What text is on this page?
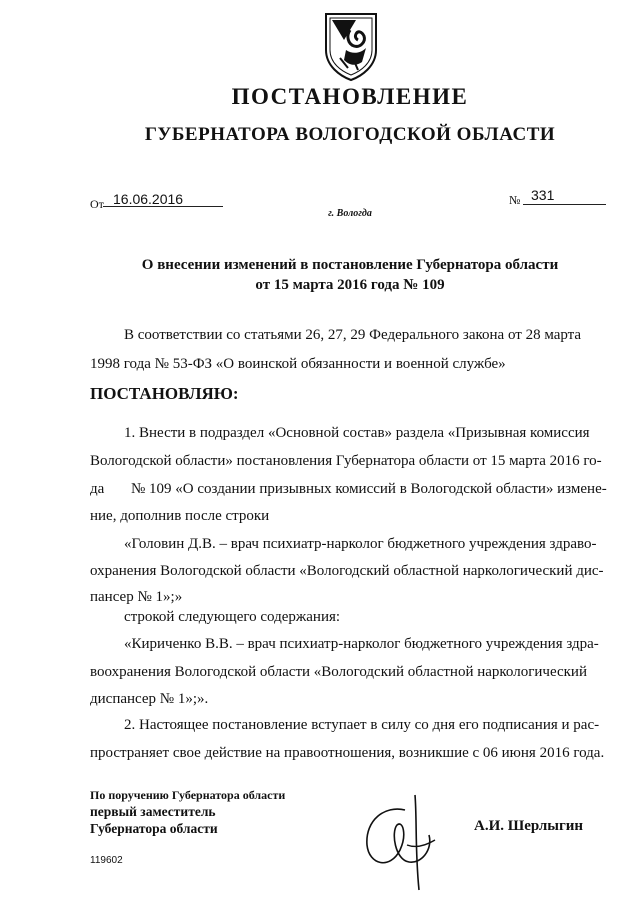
ПОСТАНОВЛЕНИЕ
ГУБЕРНАТОРА ВОЛОГОДСКОЙ ОБЛАСТИ
От 16.06.2016	№ 331
г. Вологда
О внесении изменений в постановление Губернатора области
от 15 марта 2016 года № 109
В соответствии со статьями 26, 27, 29 Федерального закона от 28 марта
1998 года № 53-ФЗ «О воинской обязанности и военной службе»
ПОСТАНОВЛЯЮ:
1. Внести в подраздел «Основной состав» раздела «Призывная комиссия
Вологодской области» постановления Губернатора области от 15 марта 2016 го-
да № 109 «О создании призывных комиссий в Вологодской области» измене-
ние, дополнив после строки
«Головин Д.В. – врач психиатр-нарколог бюджетного учреждения здраво-
охранения Вологодской области «Вологодский областной наркологический дис-
пансер № 1»;»
строкой следующего содержания:
«Кириченко В.В. – врач психиатр-нарколог бюджетного учреждения здра-
воохранения Вологодской области «Вологодский областной наркологический
диспансер № 1»;».
2. Настоящее постановление вступает в силу со дня его подписания и рас-
пространяет свое действие на правоотношения, возникшие с 06 июня 2016 года.
По поручению Губернатора области
первый заместитель
Губернатора области	А.И. Шерлыгин
119602
